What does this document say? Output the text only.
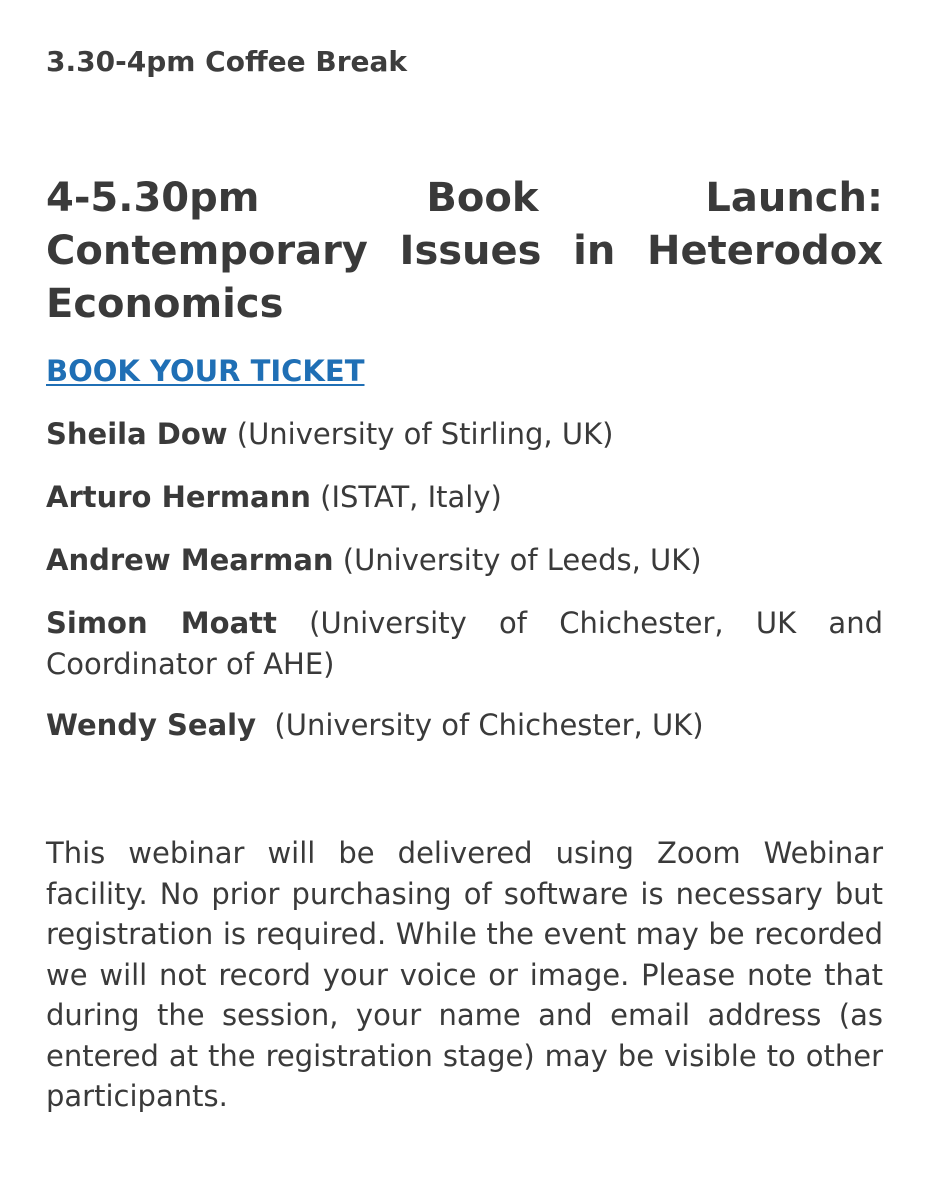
3.30-4pm Coffee Break
4-5.30pm Book Launch: Contemporary Issues in Heterodox Economics
BOOK YOUR TICKET

Sheila Dow (University of Stirling, UK)

Arturo Hermann (ISTAT, Italy)

Andrew Mearman (University of Leeds, UK)

Simon Moatt (University of Chichester, UK and Coordinator of AHE)

Wendy Sealy  (University of Chichester, UK)

This webinar will be delivered using Zoom Webinar facility. No prior purchasing of software is necessary but registration is required. While the event may be recorded we will not record your voice or image. Please note that during the session, your name and email address (as entered at the registration stage) may be visible to other participants.
